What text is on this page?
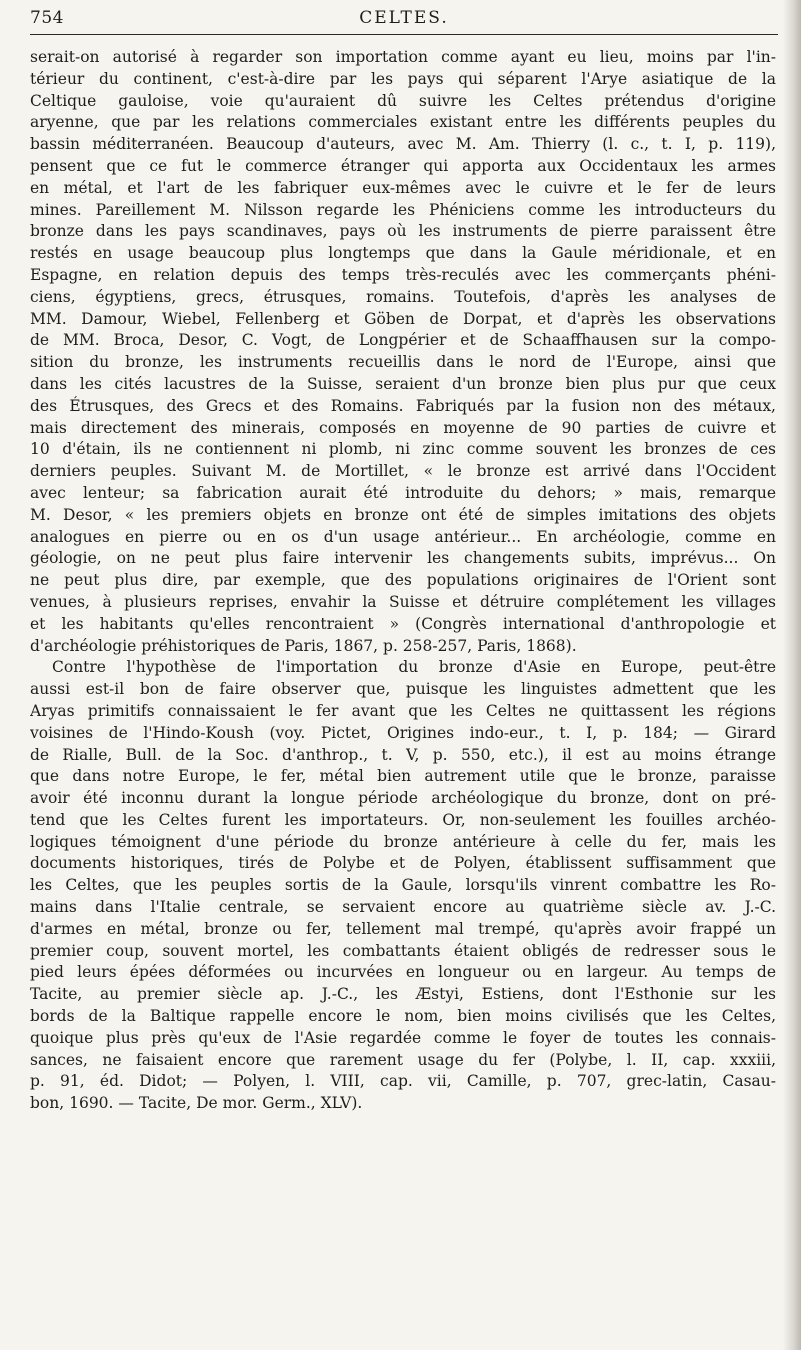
754	CELTES.
serait-on autorisé à regarder son importation comme ayant eu lieu, moins par l'in-
térieur du continent, c'est-à-dire par les pays qui séparent l'Arye asiatique de la
Celtique gauloise, voie qu'auraient dû suivre les Celtes prétendus d'origine
aryenne, que par les relations commerciales existant entre les différents peuples du
bassin méditerranéen. Beaucoup d'auteurs, avec M. Am. Thierry (l. c., t. I, p. 119),
pensent que ce fut le commerce étranger qui apporta aux Occidentaux les armes
en métal, et l'art de les fabriquer eux-mêmes avec le cuivre et le fer de leurs
mines. Pareillement M. Nilsson regarde les Phéniciens comme les introducteurs du
bronze dans les pays scandinaves, pays où les instruments de pierre paraissent être
restés en usage beaucoup plus longtemps que dans la Gaule méridionale, et en
Espagne, en relation depuis des temps très-reculés avec les commerçants phéni-
ciens, égyptiens, grecs, étrusques, romains. Toutefois, d'après les analyses de
MM. Damour, Wiebel, Fellenberg et Göben de Dorpat, et d'après les observations
de MM. Broca, Desor, C. Vogt, de Longpérier et de Schaaffhausen sur la compo-
sition du bronze, les instruments recueillis dans le nord de l'Europe, ainsi que
dans les cités lacustres de la Suisse, seraient d'un bronze bien plus pur que ceux
des Étrusques, des Grecs et des Romains. Fabriqués par la fusion non des métaux,
mais directement des minerais, composés en moyenne de 90 parties de cuivre et
10 d'étain, ils ne contiennent ni plomb, ni zinc comme souvent les bronzes de ces
derniers peuples. Suivant M. de Mortillet, « le bronze est arrivé dans l'Occident
avec lenteur; sa fabrication aurait été introduite du dehors; » mais, remarque
M. Desor, « les premiers objets en bronze ont été de simples imitations des objets
analogues en pierre ou en os d'un usage antérieur... En archéologie, comme en
géologie, on ne peut plus faire intervenir les changements subits, imprévus... On
ne peut plus dire, par exemple, que des populations originaires de l'Orient sont
venues, à plusieurs reprises, envahir la Suisse et détruire complétement les villages
et les habitants qu'elles rencontraient » (Congrès international d'anthropologie et
d'archéologie préhistoriques de Paris, 1867, p. 258-257, Paris, 1868).
Contre l'hypothèse de l'importation du bronze d'Asie en Europe, peut-être
aussi est-il bon de faire observer que, puisque les linguistes admettent que les
Aryas primitifs connaissaient le fer avant que les Celtes ne quittassent les régions
voisines de l'Hindo-Koush (voy. Pictet, Origines indo-eur., t. I, p. 184; — Girard
de Rialle, Bull. de la Soc. d'anthrop., t. V, p. 550, etc.), il est au moins étrange
que dans notre Europe, le fer, métal bien autrement utile que le bronze, paraisse
avoir été inconnu durant la longue période archéologique du bronze, dont on pré-
tend que les Celtes furent les importateurs. Or, non-seulement les fouilles archéo-
logiques témoignent d'une période du bronze antérieure à celle du fer, mais les
documents historiques, tirés de Polybe et de Polyen, établissent suffisamment que
les Celtes, que les peuples sortis de la Gaule, lorsqu'ils vinrent combattre les Ro-
mains dans l'Italie centrale, se servaient encore au quatrième siècle av. J.-C.
d'armes en métal, bronze ou fer, tellement mal trempé, qu'après avoir frappé un
premier coup, souvent mortel, les combattants étaient obligés de redresser sous le
pied leurs épées déformées ou incurvées en longueur ou en largeur. Au temps de
Tacite, au premier siècle ap. J.-C., les Æstyi, Estiens, dont l'Esthonie sur les
bords de la Baltique rappelle encore le nom, bien moins civilisés que les Celtes,
quoique plus près qu'eux de l'Asie regardée comme le foyer de toutes les connais-
sances, ne faisaient encore que rarement usage du fer (Polybe, l. II, cap. xxxiii,
p. 91, éd. Didot; — Polyen, l. VIII, cap. vii, Camille, p. 707, grec-latin, Casau-
bon, 1690. — Tacite, De mor. Germ., XLV).
